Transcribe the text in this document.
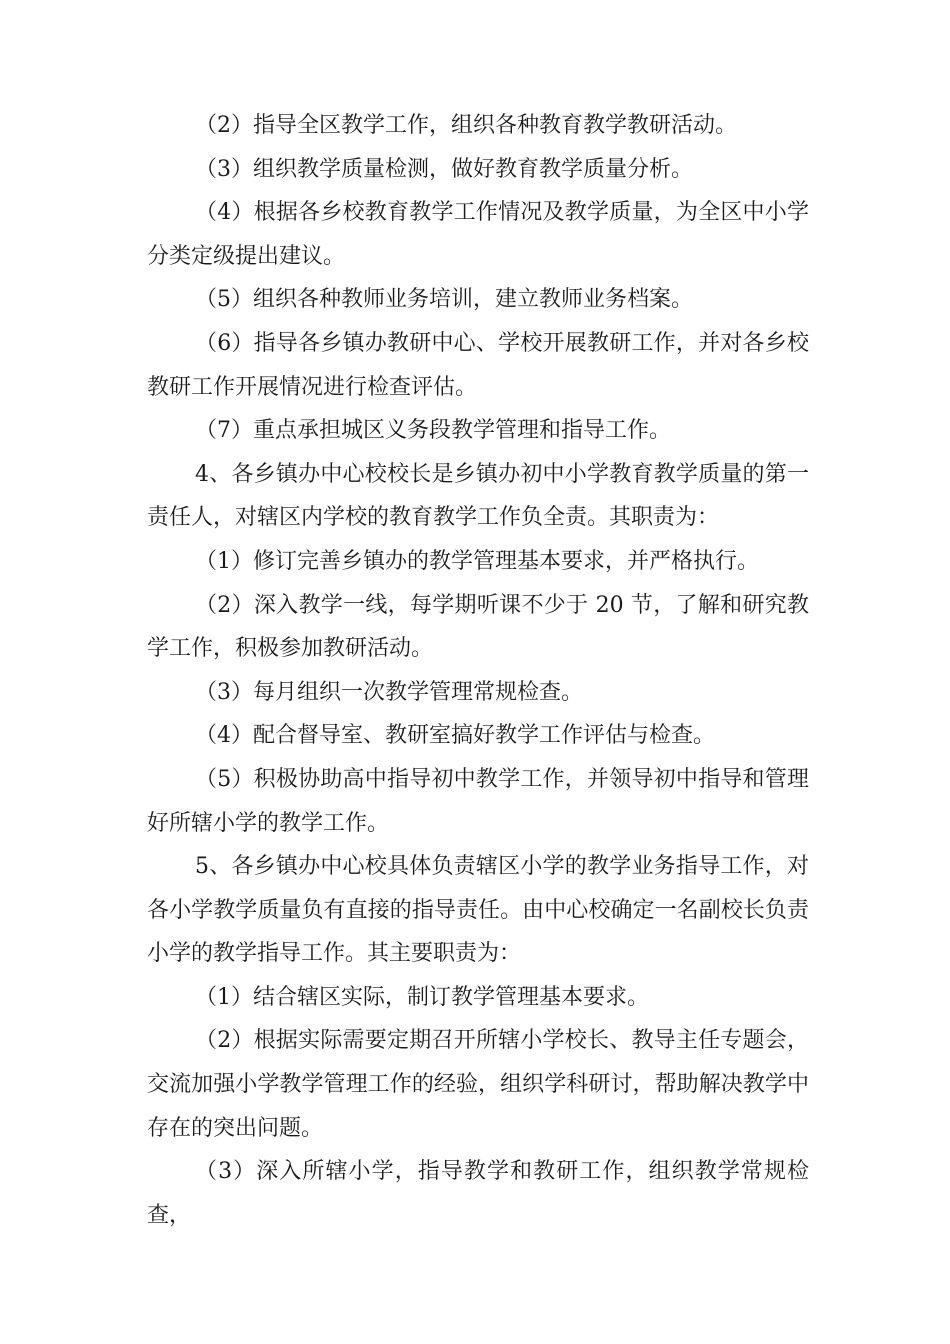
（2）指导全区教学工作，组织各种教育教学教研活动。

（3）组织教学质量检测，做好教育教学质量分析。

（4）根据各乡校教育教学工作情况及教学质量，为全区中小学分类定级提出建议。

（5）组织各种教师业务培训，建立教师业务档案。

（6）指导各乡镇办教研中心、学校开展教研工作，并对各乡校教研工作开展情况进行检查评估。

（7）重点承担城区义务段教学管理和指导工作。

4、各乡镇办中心校校长是乡镇办初中小学教育教学质量的第一责任人，对辖区内学校的教育教学工作负全责。其职责为：

（1）修订完善乡镇办的教学管理基本要求，并严格执行。

（2）深入教学一线，每学期听课不少于 20 节，了解和研究教学工作，积极参加教研活动。

（3）每月组织一次教学管理常规检查。

（4）配合督导室、教研室搞好教学工作评估与检查。

（5）积极协助高中指导初中教学工作，并领导初中指导和管理好所辖小学的教学工作。

5、各乡镇办中心校具体负责辖区小学的教学业务指导工作，对各小学教学质量负有直接的指导责任。由中心校确定一名副校长负责小学的教学指导工作。其主要职责为：

（1）结合辖区实际，制订教学管理基本要求。

（2）根据实际需要定期召开所辖小学校长、教导主任专题会，交流加强小学教学管理工作的经验，组织学科研讨，帮助解决教学中存在的突出问题。

（3）深入所辖小学，指导教学和教研工作，组织教学常规检查，
